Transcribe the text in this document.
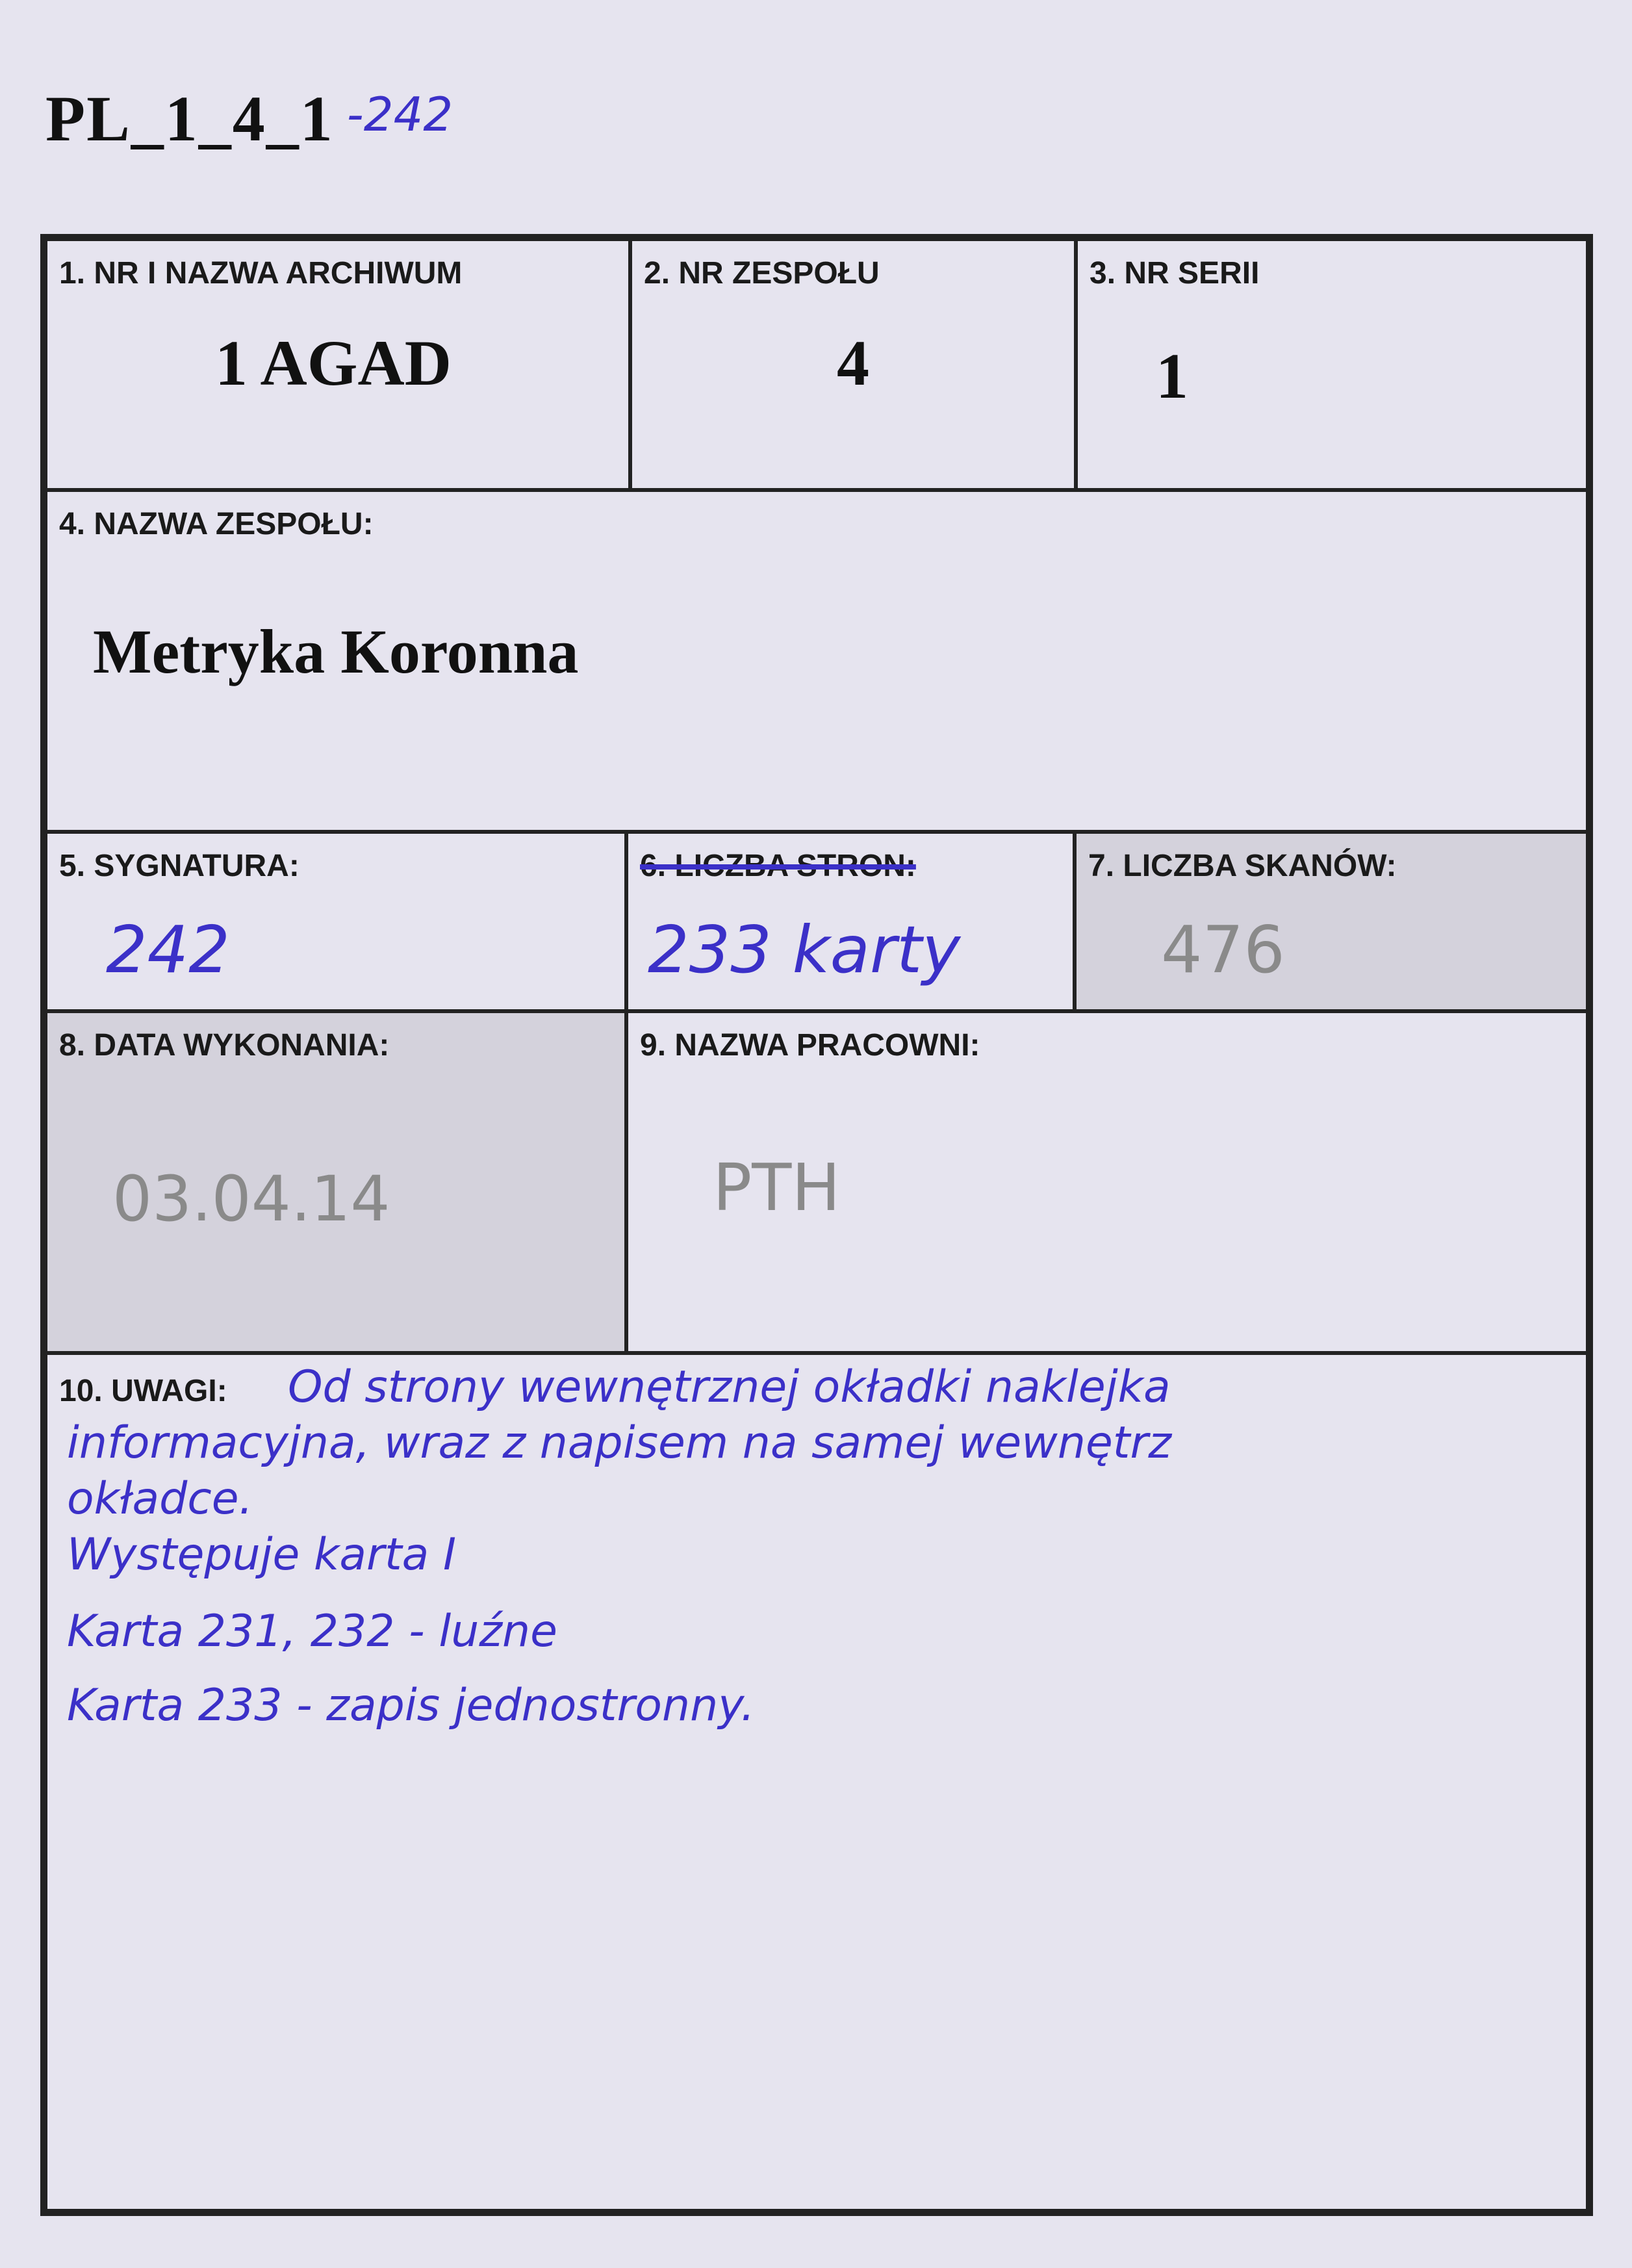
PL_1_4_1 -242
1. NR I NAZWA ARCHIWUM
1 AGAD
2. NR ZESPOŁU
4
3. NR SERII
1
4. NAZWA ZESPOŁU:
Metryka Koronna
5. SYGNATURA:
242
6. LICZBA STRON:
233 karty
7. LICZBA SKANÓW:
476
8. DATA WYKONANIA:
03.04.14
9. NAZWA PRACOWNI:
PTH
10. UWAGI: Od strony wewnętrznej okładki naklejka
informacyjna, wraz z napisem na samej wewnętrz
okładce.
Występuje karta I
Karta 231, 232 - luźne
Karta 233 - zapis jednostronny.
